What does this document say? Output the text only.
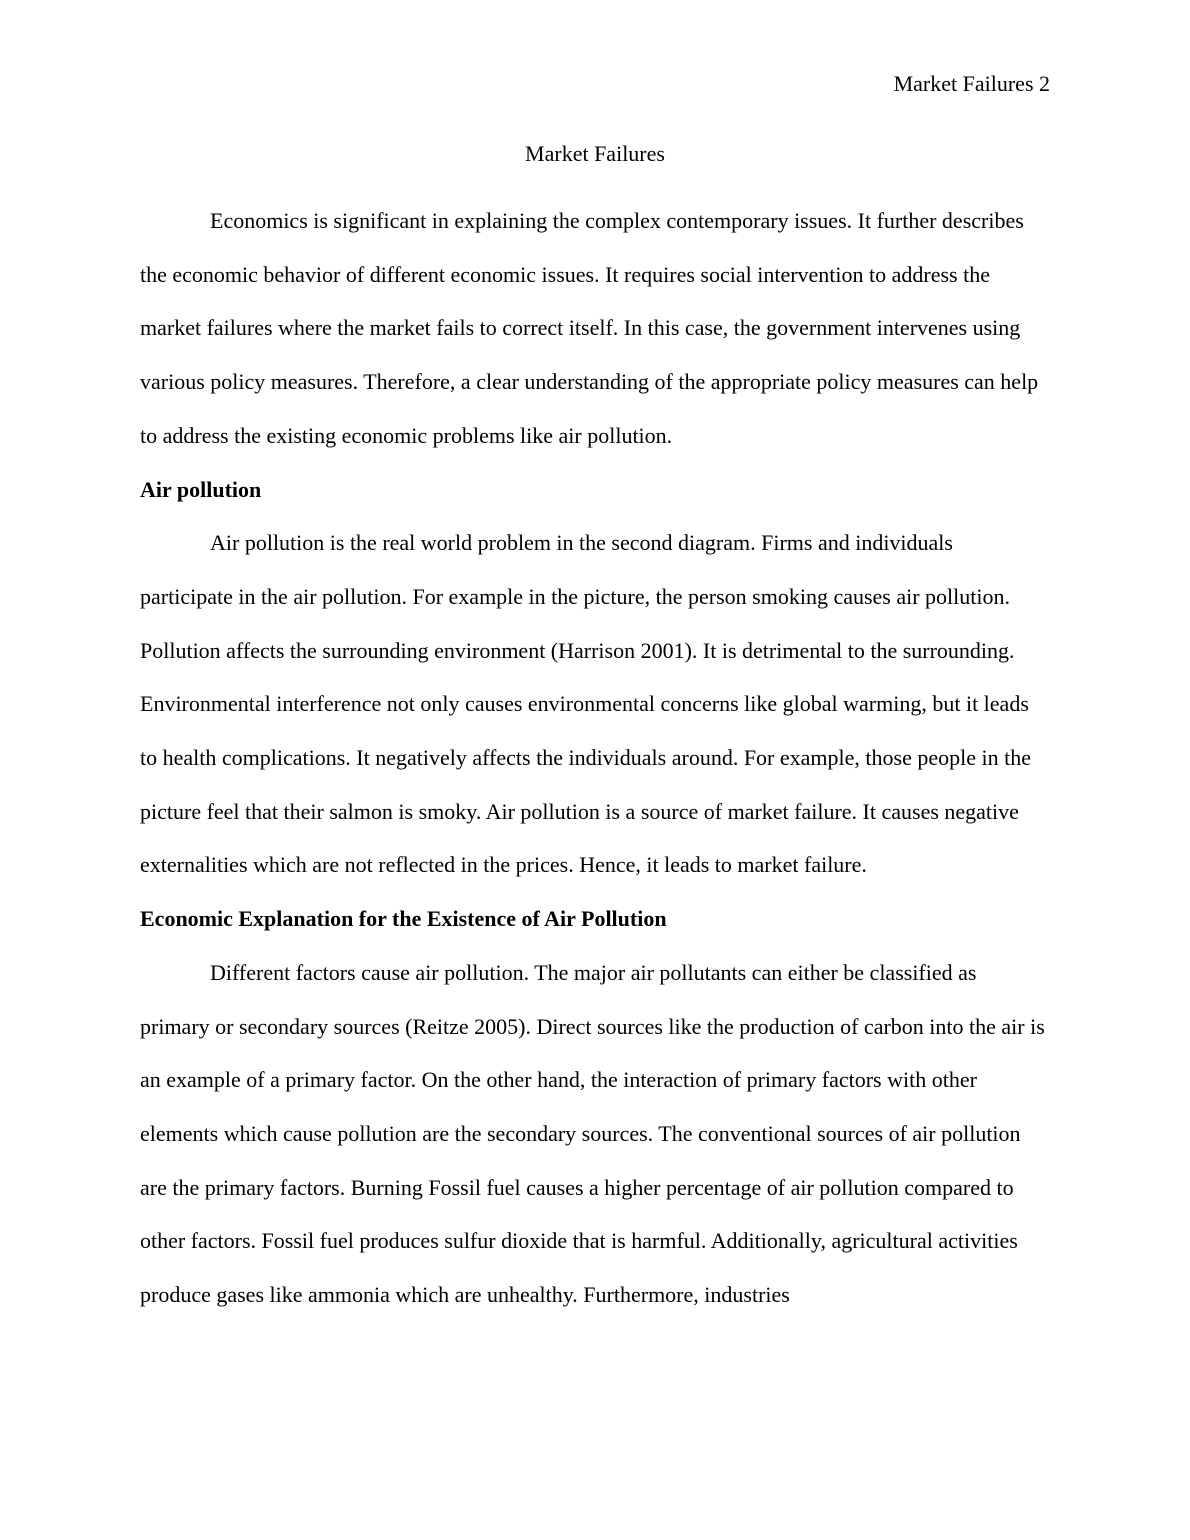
Market Failures 2
Market Failures

Economics is significant in explaining the complex contemporary issues. It further describes the economic behavior of different economic issues. It requires social intervention to address the market failures where the market fails to correct itself. In this case, the government intervenes using various policy measures. Therefore, a clear understanding of the appropriate policy measures can help to address the existing economic problems like air pollution.

Air pollution

Air pollution is the real world problem in the second diagram. Firms and individuals participate in the air pollution. For example in the picture, the person smoking causes air pollution. Pollution affects the surrounding environment (Harrison 2001). It is detrimental to the surrounding. Environmental interference not only causes environmental concerns like global warming, but it leads to health complications. It negatively affects the individuals around. For example, those people in the picture feel that their salmon is smoky. Air pollution is a source of market failure. It causes negative externalities which are not reflected in the prices. Hence, it leads to market failure.

Economic Explanation for the Existence of Air Pollution

Different factors cause air pollution. The major air pollutants can either be classified as primary or secondary sources (Reitze 2005). Direct sources like the production of carbon into the air is an example of a primary factor. On the other hand, the interaction of primary factors with other elements which cause pollution are the secondary sources. The conventional sources of air pollution are the primary factors. Burning Fossil fuel causes a higher percentage of air pollution compared to other factors. Fossil fuel produces sulfur dioxide that is harmful. Additionally, agricultural activities produce gases like ammonia which are unhealthy. Furthermore, industries
